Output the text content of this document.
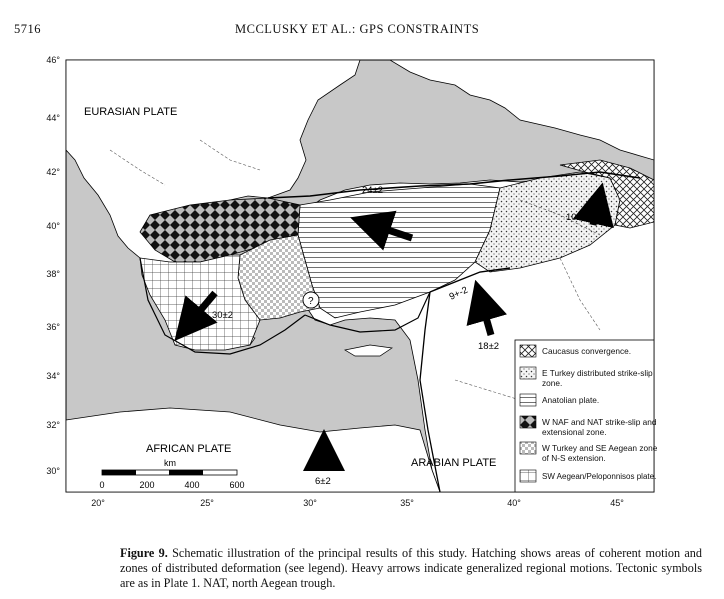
5716	MCCLUSKY ET AL.: GPS CONSTRAINTS
Caucasus convergence.
E Turkey distributed strike-slip zone.
Anatolian plate.
W NAF and NAT strike-slip and extensional zone.
W Turkey and SE Aegean zone of N-S extension.
SW Aegean/Peloponnisos plate.
46°
44°
42°
40°
38°
36°
34°
32°
30°
20°	25°	30°	35°	40°	45°
EURASIAN PLATE
AFRICAN PLATE
ARABIAN PLATE
24±2
10±2
30±2
9+-2
18±2
6±2
?
km
0	200	400	600
Figure 9. Schematic illustration of the principal results of this study. Hatching shows areas of coherent motion and zones of distributed deformation (see legend). Heavy arrows indicate generalized regional motions. Tectonic symbols are as in Plate 1. NAT, north Aegean trough.
